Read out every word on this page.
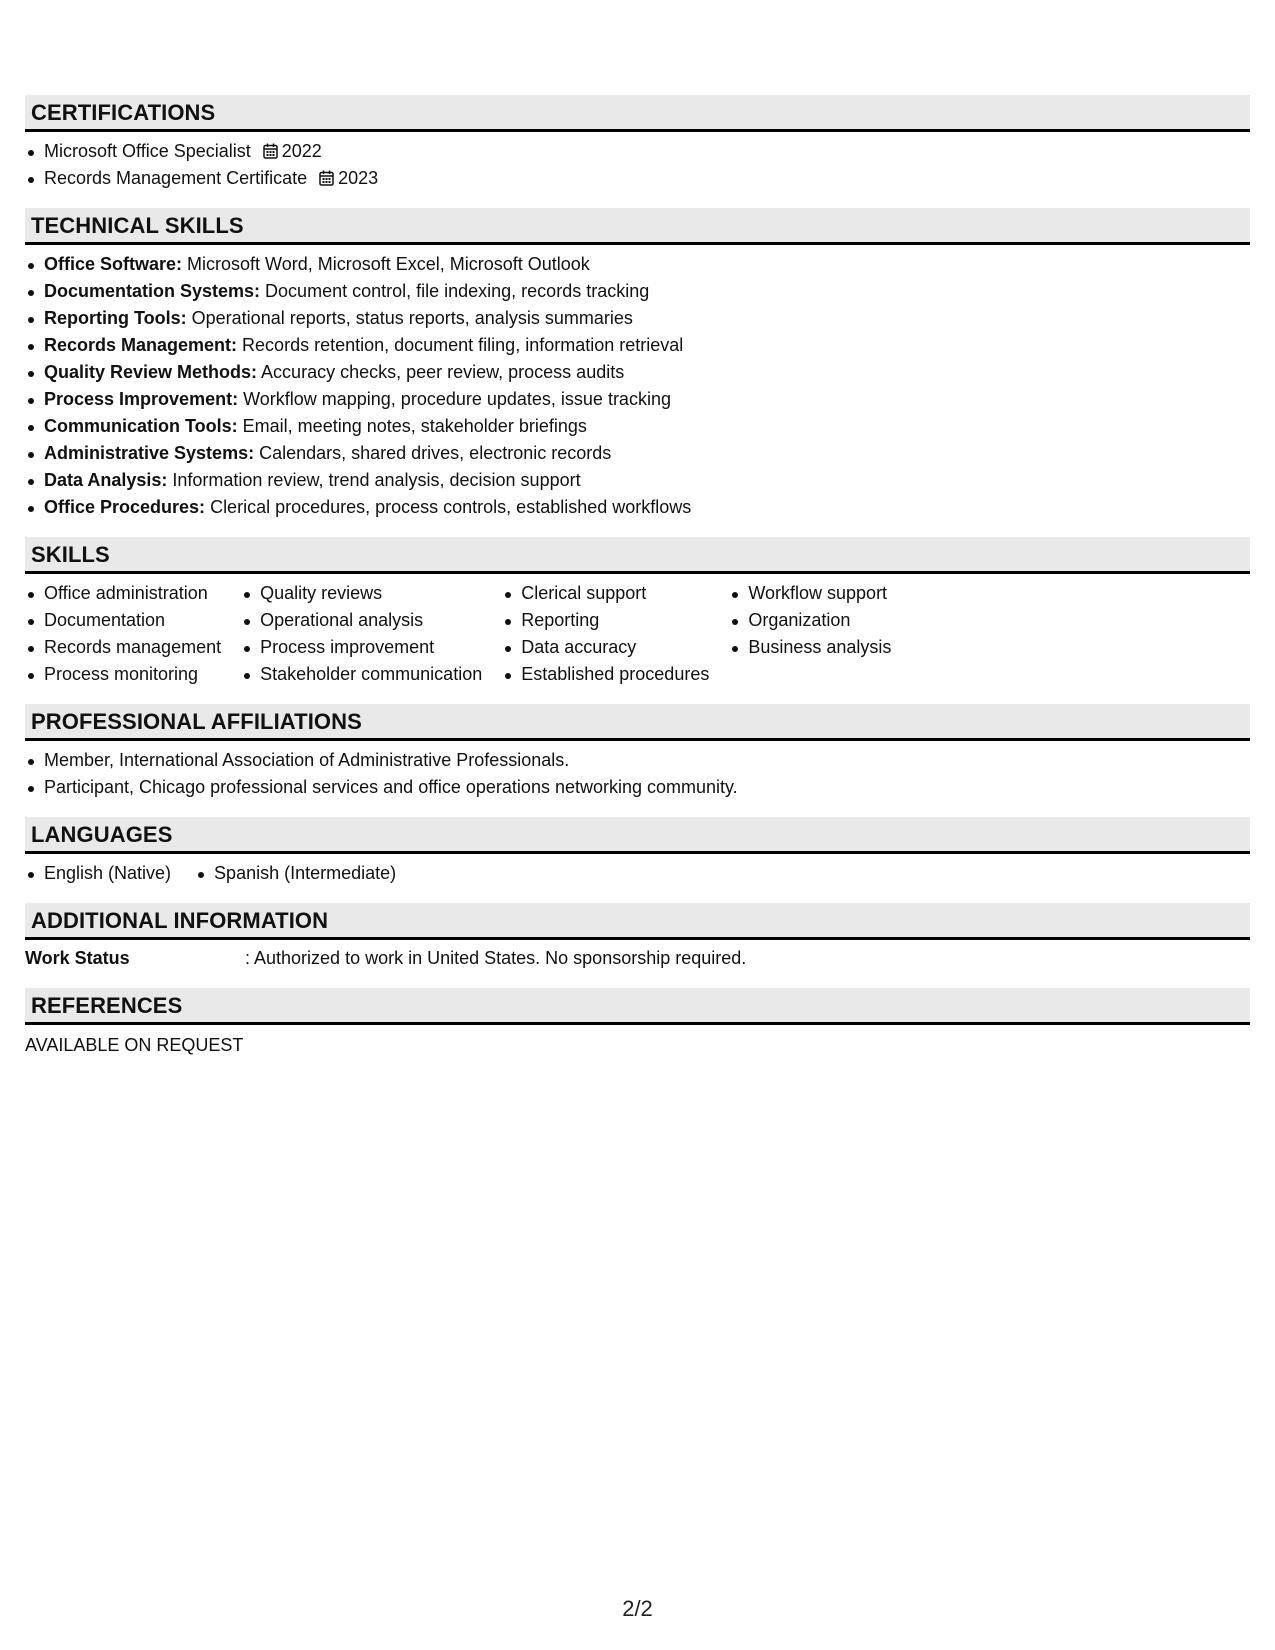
CERTIFICATIONS
Microsoft Office Specialist 2022
Records Management Certificate 2023
TECHNICAL SKILLS
Office Software: Microsoft Word, Microsoft Excel, Microsoft Outlook
Documentation Systems: Document control, file indexing, records tracking
Reporting Tools: Operational reports, status reports, analysis summaries
Records Management: Records retention, document filing, information retrieval
Quality Review Methods: Accuracy checks, peer review, process audits
Process Improvement: Workflow mapping, procedure updates, issue tracking
Communication Tools: Email, meeting notes, stakeholder briefings
Administrative Systems: Calendars, shared drives, electronic records
Data Analysis: Information review, trend analysis, decision support
Office Procedures: Clerical procedures, process controls, established workflows
SKILLS
Office administration
Documentation
Records management
Process monitoring
Quality reviews
Operational analysis
Process improvement
Stakeholder communication
Clerical support
Reporting
Data accuracy
Established procedures
Workflow support
Organization
Business analysis
PROFESSIONAL AFFILIATIONS
Member, International Association of Administrative Professionals.
Participant, Chicago professional services and office operations networking community.
LANGUAGES
English (Native)	Spanish (Intermediate)
ADDITIONAL INFORMATION
Work Status	: Authorized to work in United States. No sponsorship required.
REFERENCES
AVAILABLE ON REQUEST
2/2
